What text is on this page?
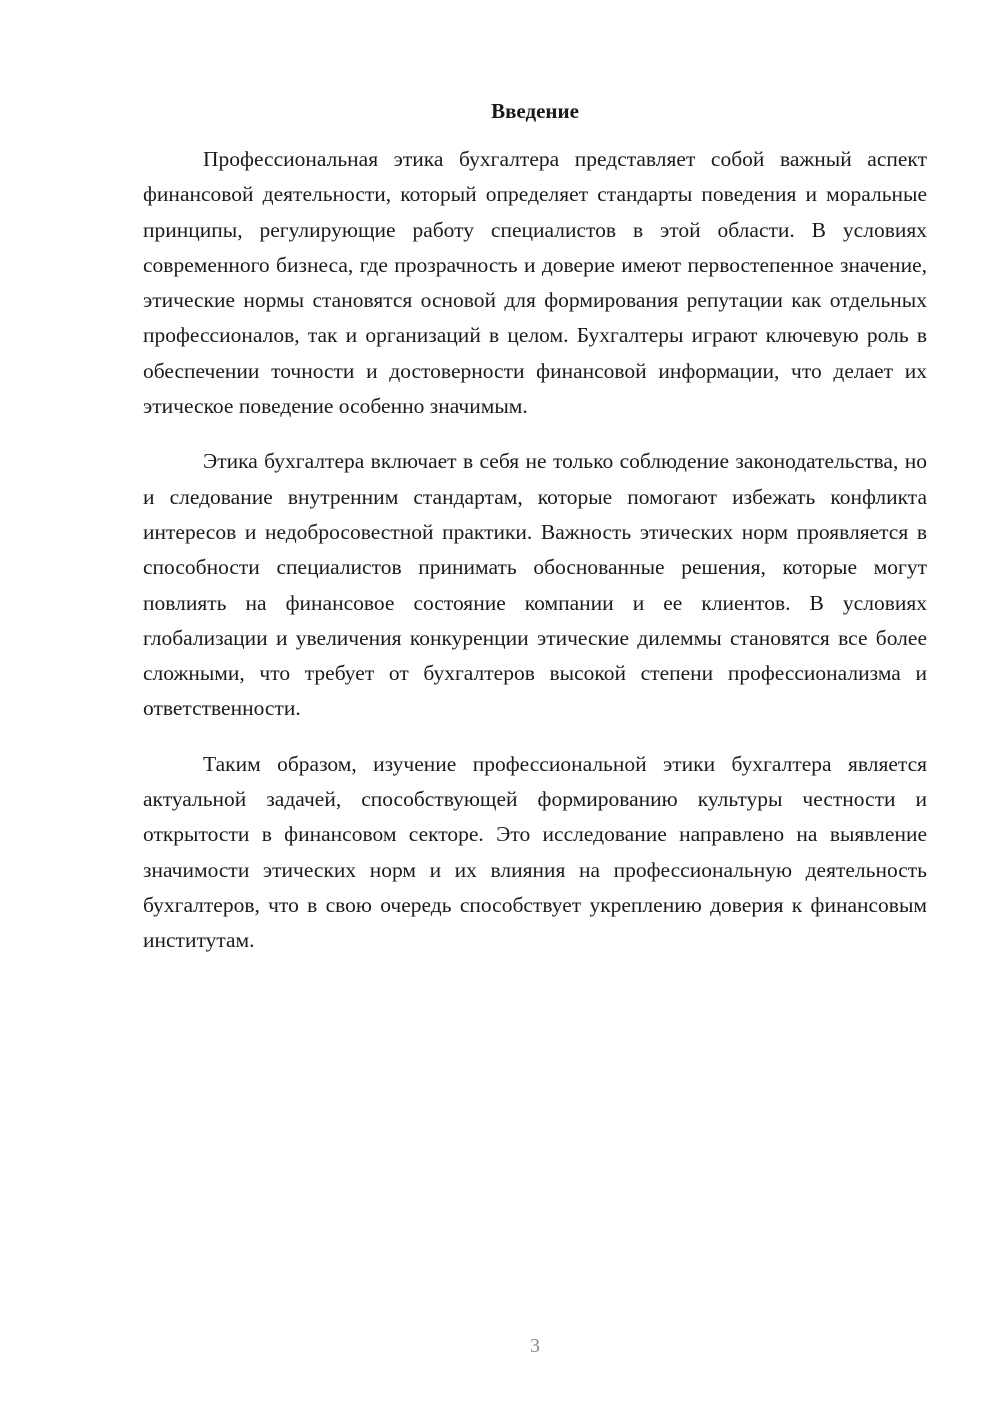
Введение

Профессиональная этика бухгалтера представляет собой важный аспект финансовой деятельности, который определяет стандарты поведения и моральные принципы, регулирующие работу специалистов в этой области. В условиях современного бизнеса, где прозрачность и доверие имеют первостепенное значение, этические нормы становятся основой для формирования репутации как отдельных профессионалов, так и организаций в целом. Бухгалтеры играют ключевую роль в обеспечении точности и достоверности финансовой информации, что делает их этическое поведение особенно значимым.

Этика бухгалтера включает в себя не только соблюдение законодательства, но и следование внутренним стандартам, которые помогают избежать конфликта интересов и недобросовестной практики. Важность этических норм проявляется в способности специалистов принимать обоснованные решения, которые могут повлиять на финансовое состояние компании и ее клиентов. В условиях глобализации и увеличения конкуренции этические дилеммы становятся все более сложными, что требует от бухгалтеров высокой степени профессионализма и ответственности.

Таким образом, изучение профессиональной этики бухгалтера является актуальной задачей, способствующей формированию культуры честности и открытости в финансовом секторе. Это исследование направлено на выявление значимости этических норм и их влияния на профессиональную деятельность бухгалтеров, что в свою очередь способствует укреплению доверия к финансовым институтам.

3
